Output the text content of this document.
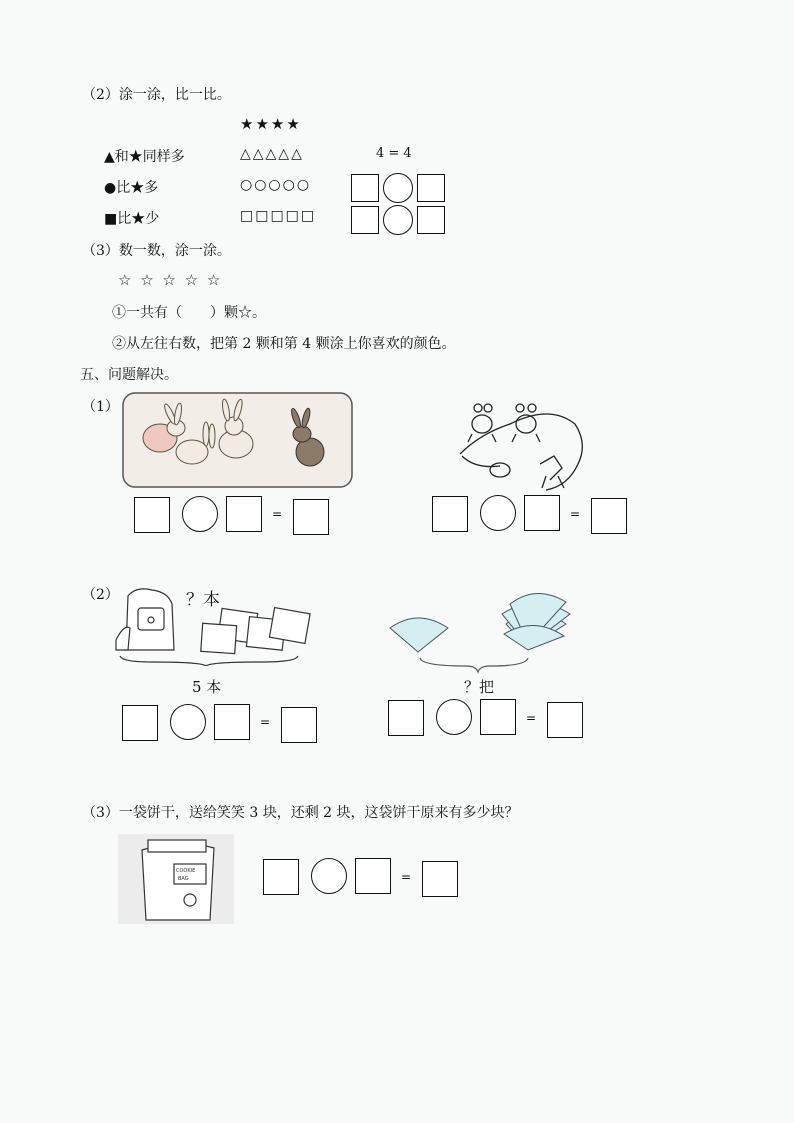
（2）涂一涂，比一比。
★★★★
▲和★同样多	△△△△△	4 = 4
●比★多	○○○○○
■比★少	□□□□□
（3）数一数，涂一涂。
☆ ☆ ☆ ☆ ☆
①一共有（　　）颗☆。
②从左往右数，把第 2 颗和第 4 颗涂上你喜欢的颜色。
五、问题解决。
（1）
=	=
（2）	？本
5 本	？把
=	=
（3）一袋饼干，送给笑笑 3 块，还剩 2 块，这袋饼干原来有多少块？
COOKIE
BAG	=
